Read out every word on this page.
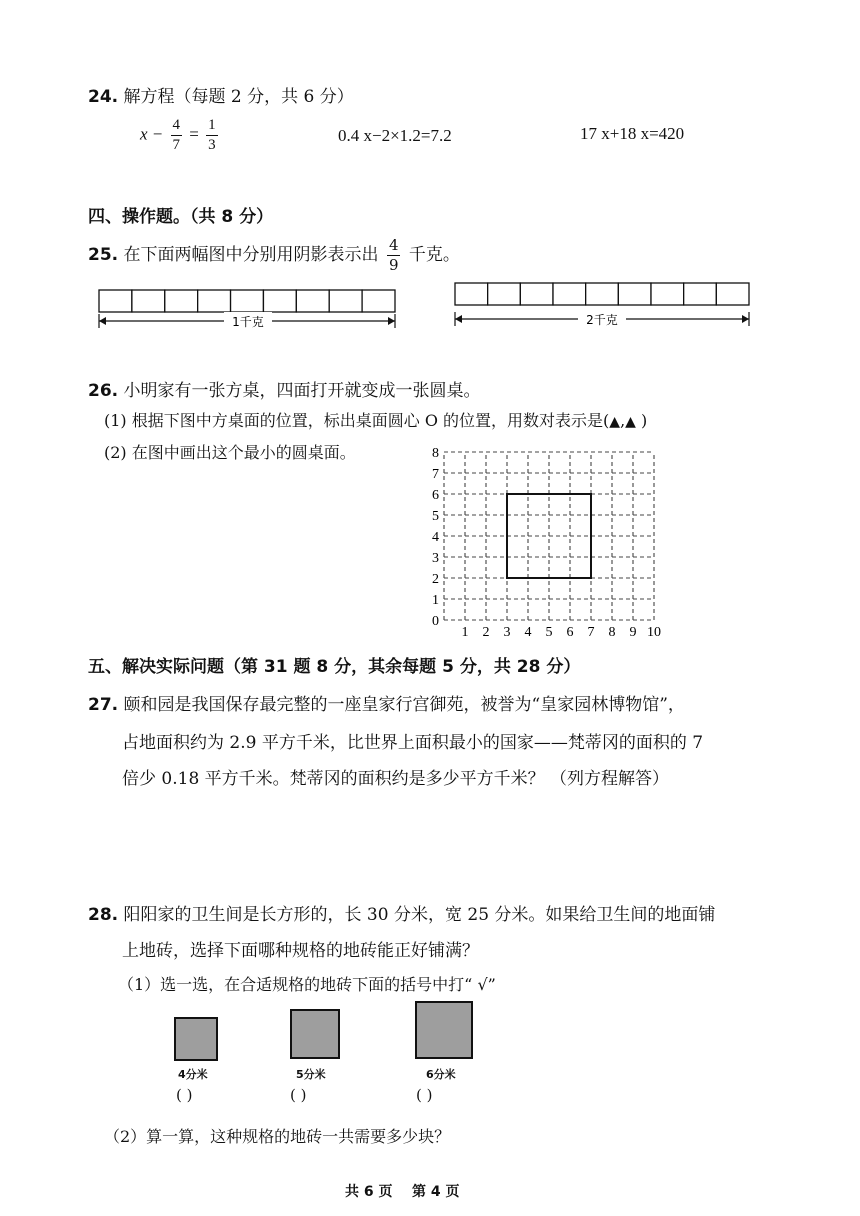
24. 解方程（每题 2 分，共 6 分）
$x - \frac{4}{7} = \frac{1}{3}$	0.4 x−2×1.2=7.2	17 x+18 x=420
四、操作题。（共 8 分）
25. 在下面两幅图中分别用阴影表示出 $\frac{4}{9}$ 千克。
1千克	2千克
26. 小明家有一张方桌，四面打开就变成一张圆桌。
(1) 根据下图中方桌面的位置，标出桌面圆心 O 的位置，用数对表示是(▲,▲ )
(2) 在图中画出这个最小的圆桌面。
0
1
2
3
4
5
6
7
8
1 2 3 4 5 6 7 8 9 10
五、解决实际问题（第 31 题 8 分，其余每题 5 分，共 28 分）
27. 颐和园是我国保存最完整的一座皇家行宫御苑，被誉为“皇家园林博物馆”，
占地面积约为 2.9 平方千米，比世界上面积最小的国家——梵蒂冈的面积的 7
倍少 0.18 平方千米。梵蒂冈的面积约是多少平方千米？ （列方程解答）
28. 阳阳家的卫生间是长方形的，长 30 分米，宽 25 分米。如果给卫生间的地面铺
上地砖，选择下面哪种规格的地砖能正好铺满？
（1）选一选，在合适规格的地砖下面的括号中打“ √”
4分米
( )
5分米
( )
6分米
( )
（2）算一算，这种规格的地砖一共需要多少块？
共 6 页 第 4 页
